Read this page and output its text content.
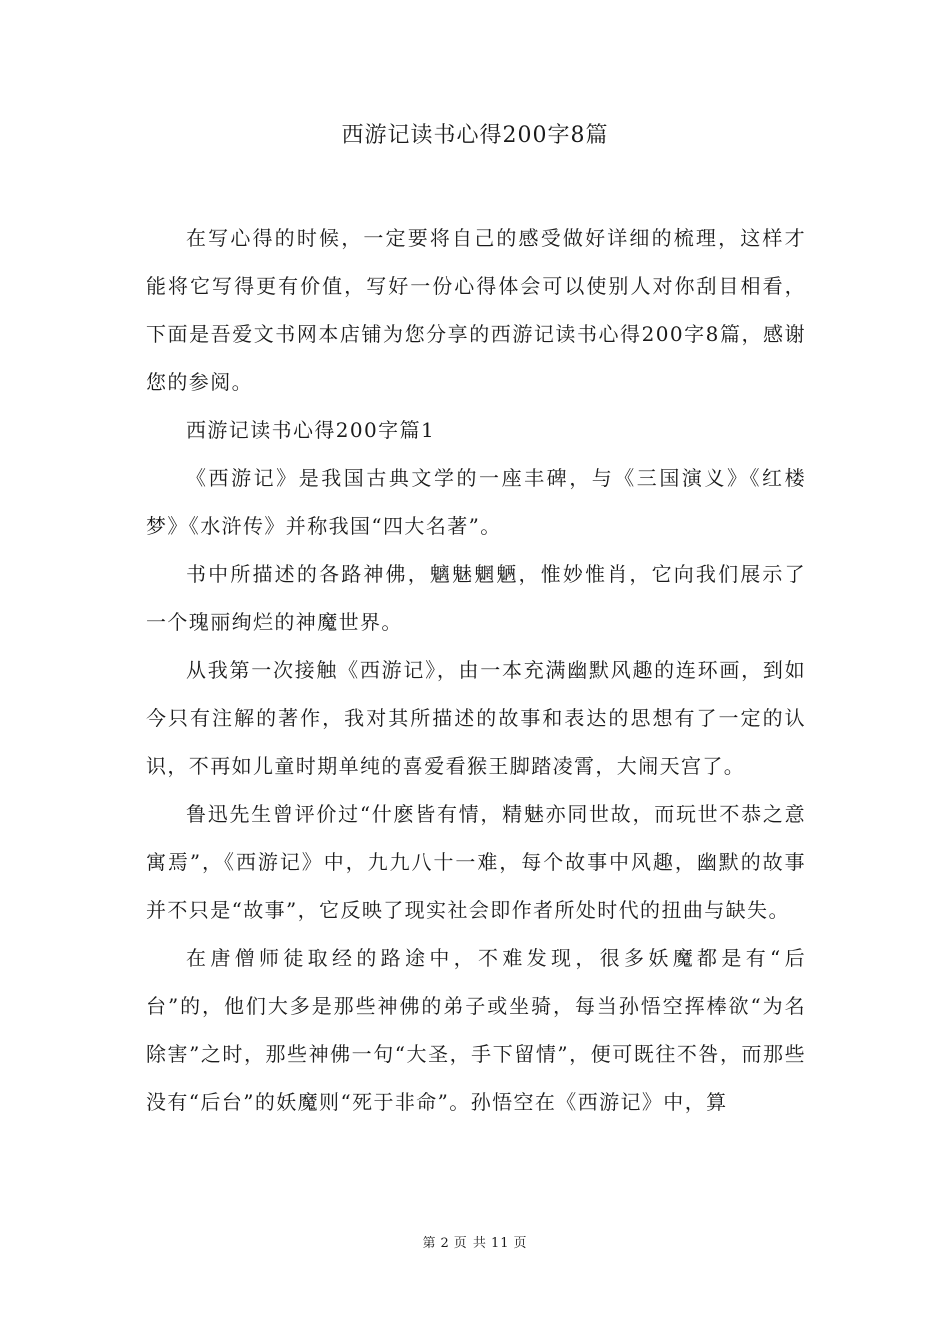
西游记读书心得200字8篇

在写心得的时候，一定要将自己的感受做好详细的梳理，这样才能将它写得更有价值，写好一份心得体会可以使别人对你刮目相看，下面是吾爱文书网本店铺为您分享的西游记读书心得200字8篇，感谢您的参阅。

西游记读书心得200字篇1

《西游记》是我国古典文学的一座丰碑，与《三国演义》《红楼梦》《水浒传》并称我国“四大名著”。

书中所描述的各路神佛，魑魅魍魉，惟妙惟肖，它向我们展示了一个瑰丽绚烂的神魔世界。

从我第一次接触《西游记》，由一本充满幽默风趣的连环画，到如今只有注解的著作，我对其所描述的故事和表达的思想有了一定的认识，不再如儿童时期单纯的喜爱看猴王脚踏凌霄，大闹天宫了。

鲁迅先生曾评价过“什麽皆有情，精魅亦同世故，而玩世不恭之意寓焉”，《西游记》中，九九八十一难，每个故事中风趣，幽默的故事并不只是“故事”，它反映了现实社会即作者所处时代的扭曲与缺失。

在唐僧师徒取经的路途中，不难发现，很多妖魔都是有“后台”的，他们大多是那些神佛的弟子或坐骑，每当孙悟空挥棒欲“为名除害”之时，那些神佛一句“大圣，手下留情”，便可既往不咎，而那些没有“后台”的妖魔则“死于非命”。孙悟空在《西游记》中，算

第 2 页 共 11 页
